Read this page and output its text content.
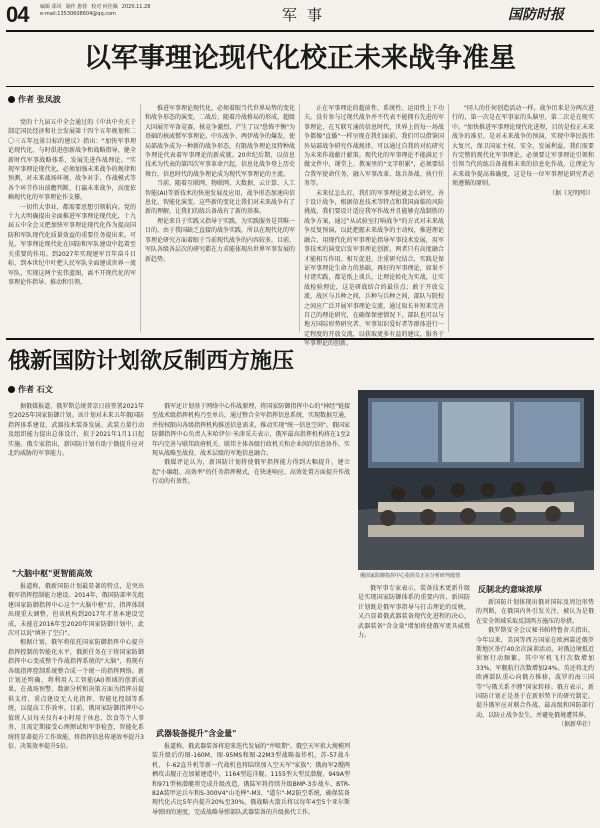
04 编辑 邵风 制作 惠蓉 校对 何佳佩 2020.11.28
e-mail:13530608604@qq.com	军事	国防时报
以军事理论现代化校正未来战争准星
作者 张凤波

党的十九届五中全会通过的《中共中央关于制定国民经济和社会发展第十四个五年规划和二〇三五年远景目标的建议》指出："加快军事理论现代化，与时俱进创新战争和战略指导，健全新时代军事战略体系，发展先进作战理论。"实现军事理论现代化，必须加强未来战争的规律和预测，对未来战场环境、战争对手、作战模式等各个环节作出前瞻判断，打赢未来战争，高度依赖现代化的军事理论作支撑。

一切伟大事业，都需要思想引领航向。党的十九大明确提出全面推进军事理论现代化，十九届五中全会又把加快军事理论现代化作为提高国防和军队现代化质量效益的重要任务提出来。可见，军事理论现代化在国防和军队建设中起着至关重要的作用。到2027年实现建军百年奋斗目标，到本世纪中叶把人民军队全面建成世界一流军队，实现这两个宏伟蓝图，离不开现代化的军事理论作指导、推动和引领。

推进军事理论现代化，必须着眼当代世界局势的变化和战争形态的演变。二战后，随着冷战格局的形成，超级大国展开军备竞赛，核竞争激烈，产生了以"恐怖平衡"为基础的核威慑军事理论。中东战争、两伊战争的爆发，使局部战争成为一种新的战争形态，有限战争理论及特种战争理论代表着军事理论的新成就。20世纪后期，以信息技术为代表的第四次军事革命兴起，信息化战争登上历史舞台，信息时代的战争理论成为现代军事理论的主流。

当前，随着互联网、物联网、大数据、云计算、人工智能(AI)等新技术的快速发展及应用，战争形态加速向信息化、智能化演变。这些新的变化让我们对未来战争有了新的理解，让我们的练兵备战有了新的基准。

理论来自于实践又指导于实践，为实践服务是其唯一目的。由于我国缺乏直接的战争实践，所以在现代化的军事理论研究方面着眼于当前现代战争的内容较多，目前，军队各级各层次的研究都在力求能体现出世界军事发展的新趋势。

正在军事理论的超前性、系统性、运用性上下功夫。没有参与过现代战争并不代表不能拥有先进的军事理论，在互联互通的信息时代，世界上的每一场战争都像"直播"一样呈现在我们面前，我们可以借鉴国外局部战争研究作战规律，可以通过自我的对抗研究为未来作战献计献策。现代化的军事理论不能满足于做文件中，课堂上、教案里的"文字积累"，必须要结合我军使命任务，融入军事改革、练兵备战、执行任务等。

未来仗怎么打，我们的军事理论就怎么研究。善于设计战争，根据信息技术等特点和我国面临的风险挑战，我们要设计适应我军作战并且能够克敌制胜的战争方案，通过"从试验室打响战争"的方式对未来战争反复预演，以此把握未来战争的主动权，推进理论融合。用现代化的军事理论指导军事技术发展，用军事技术的演变启发军事理论创新，两者只有高度融合才能相互作用、相互促进，注重研究结合，实践是保证军事理论生命力的基础，再好的军事理论，如果不付诸实践，都是纸上谈兵，让理论转化为实战，让实战检验理论，这是研战结合的最佳点；敢于开放交流，战区与兵种之间，兵种与兵种之间，部队与院校之间应广泛开展军事理论交流，通过取长补短来完善自己的理论研究，在确保保密情况下，部队也可以与地方国际形势研究者、军事知识爱好者等群体进行一定程度的开放交流，以获取更多有益的建议，服务于军事理论的创新。

"同人的任何创造活动一样，战争历来是分两次进行的，第一次是在军事家的头脑里，第二次是在现实中。"加快推进军事理论现代化进程，目的是校正未来战争的准星，是对未来战争的预演，实现中华民族伟大复兴，保卫国家主权、安全、发展利益，我们需要有完整的现代化军事理论，必须要让军事理论引领和引领当代的练兵备战和未来的信息化作战，让理论为未来战争提高准确度，这是每一位军事理论研究者必须遵循的原则。

（据《光明网》）

俄新国防计划欲反制西方施压
作者 石文

据俄媒报道，俄罗斯总统普京日前签署2021年至2025年国家防御计划。该计划对未来五年俄国防指挥体系建设、武器技术装备发展、武装力量行动及组织能力提出总体设计，拟于2021年1月1日起实施。俄专家指出，新国防计划有助于俄提升应对北约威胁的军事能力。

"大脑中枢"更智能高效

报道称，俄新国防计划最显著的特点，是突出俄军指挥控制能力建设。2014年，俄国防部率先组建国家防御指挥中心这个"大脑中枢"后，指挥体制出现重大调整，但该机构到2017年才基本建设完成，未能在2016年至2020年国家防御计划中，此次可以说"填补了空白"。

根据计划，俄军将依托国家防御指挥中心提升指挥控制的智能化水平，俄新任务在于将国家防御指挥中心变成整个作战指挥系统的"大脑"，将现有各级指挥控制系统整合成一个统一的指挥网络。新计划还明确，将利用人工智能(AI)领域的创新成果，在战场预警、数据分析和决策方面为指挥员提供支持，重点建设无人化指挥、智能化控制等系统，以提高工作效率。目前，俄国家防御指挥中心值班人员每天仅有4小时用于休息、饮食等个人事务，且需定期接受心理测试和军事检查，智能化系统将显著提升工作效能，将指挥信息传递效率提升3倍、决策效率提升5倍。

俄军还计划基于网络中心作战原理，将国家防御指挥中心的"神经"链接至战术级指挥机构乃至单兵，通过整合全军指挥信息系统，实现数据互通，并按权限向各级指挥机构推送信息需求，推动实现"统一信息空间"。俄国家防御指挥中心负责人米哈伊尔·米津采夫表示，俄军最高指挥机构将在1至2年内完善与联邦政府机关、联邦主体各级行政机关和企业间的信息协作，实现从战略至战役、战术层级的军地信息融合。

俄媒评论认为，新国防计划将使俄军指挥能力得到大幅提升，建立起"小编组、高效率"的任务指挥模式，在快速响应、高效处置方面提升作战行动的有效性。

武器装备提升"含金量"

报道称，俄武器装备将迎来迭代发展的"井喷期"。俄空天军拟大规模列装升级后的图-160M、图-95MS和图-22M3型战略轰炸机，苏-57战斗机、卡-62直升机等新一代战机也将陆续加入空天军"家族"；俄海军2艘两栖攻击舰正在加紧建造中，1164型巡洋舰、1155型大型反潜舰、949A型和971型核潜艇将完成升级改造，俄陆军将持续升级BMP-3步战车、BTR-82A装甲运兵车和S-300V4"山毛榉"-M3、"道尔"-M2防空系统，确保装备现代化占比5年内提升20%至30%，俄战略火箭兵将以每年4至5个亚尔斯导弹团的速度，完成战略导弹部队武器装备的升级换代工作。

俄国家防御指挥中心指挥员正在分析研判敌情

俄军事专家表示，装备技术更新升级是实现国家防御体系的重要内容，新国防计划既是俄军事指导与打击理论的反映，又凸显着俄武器装备现代化进程的决心，武器装备"含金量"增加将使俄军更具威慑力。

反制北约意味浓厚

新国防计划体现出俄对国际及周边形势的判断，在俄国内外引发关注，被认为是俄在安全领域采取反制西方施压的举措。

俄罗斯安全会议秘书帕特鲁舍夫指出，今年以来，美国等西方国家在欧洲靠近俄罗斯地区举行40余次演训活动，对俄边境抵近侦察行动频繁，其中军机飞行次数增加33%，军舰航行次数增加24%。英还将北约欧洲部队重心向俄方推移，波罗的海三国等"与俄关系不睦"国家转移。俄方表示，新国防计划正是基于在新形势下的研究制定，提升俄军应对联合作战、最高级和国防部行动，以防止战争发生，并避免俄境遭其界。

（据新华社）
